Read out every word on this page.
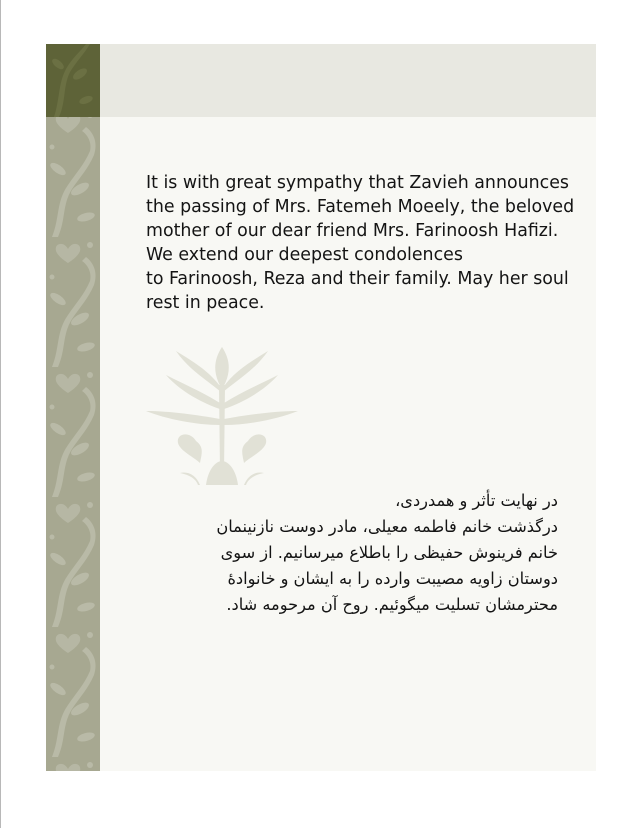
It is with great sympathy that Zavieh announces
the passing of Mrs. Fatemeh Moeely, the beloved
mother of our dear friend Mrs. Farinoosh Hafizi.
We extend our deepest condolences
to Farinoosh, Reza and their family. May her soul
rest in peace.
در نهایت تأثر و همدردی،
درگذشت خانم فاطمه معیلی، مادر دوست نازنینمان
خانم فرینوش حفیظی را باطلاع میرسانیم. از سوی
دوستان زاویه مصیبت وارده را به ایشان و خانوادهٔ
محترمشان تسلیت میگوئیم. روح آن مرحومه شاد.
